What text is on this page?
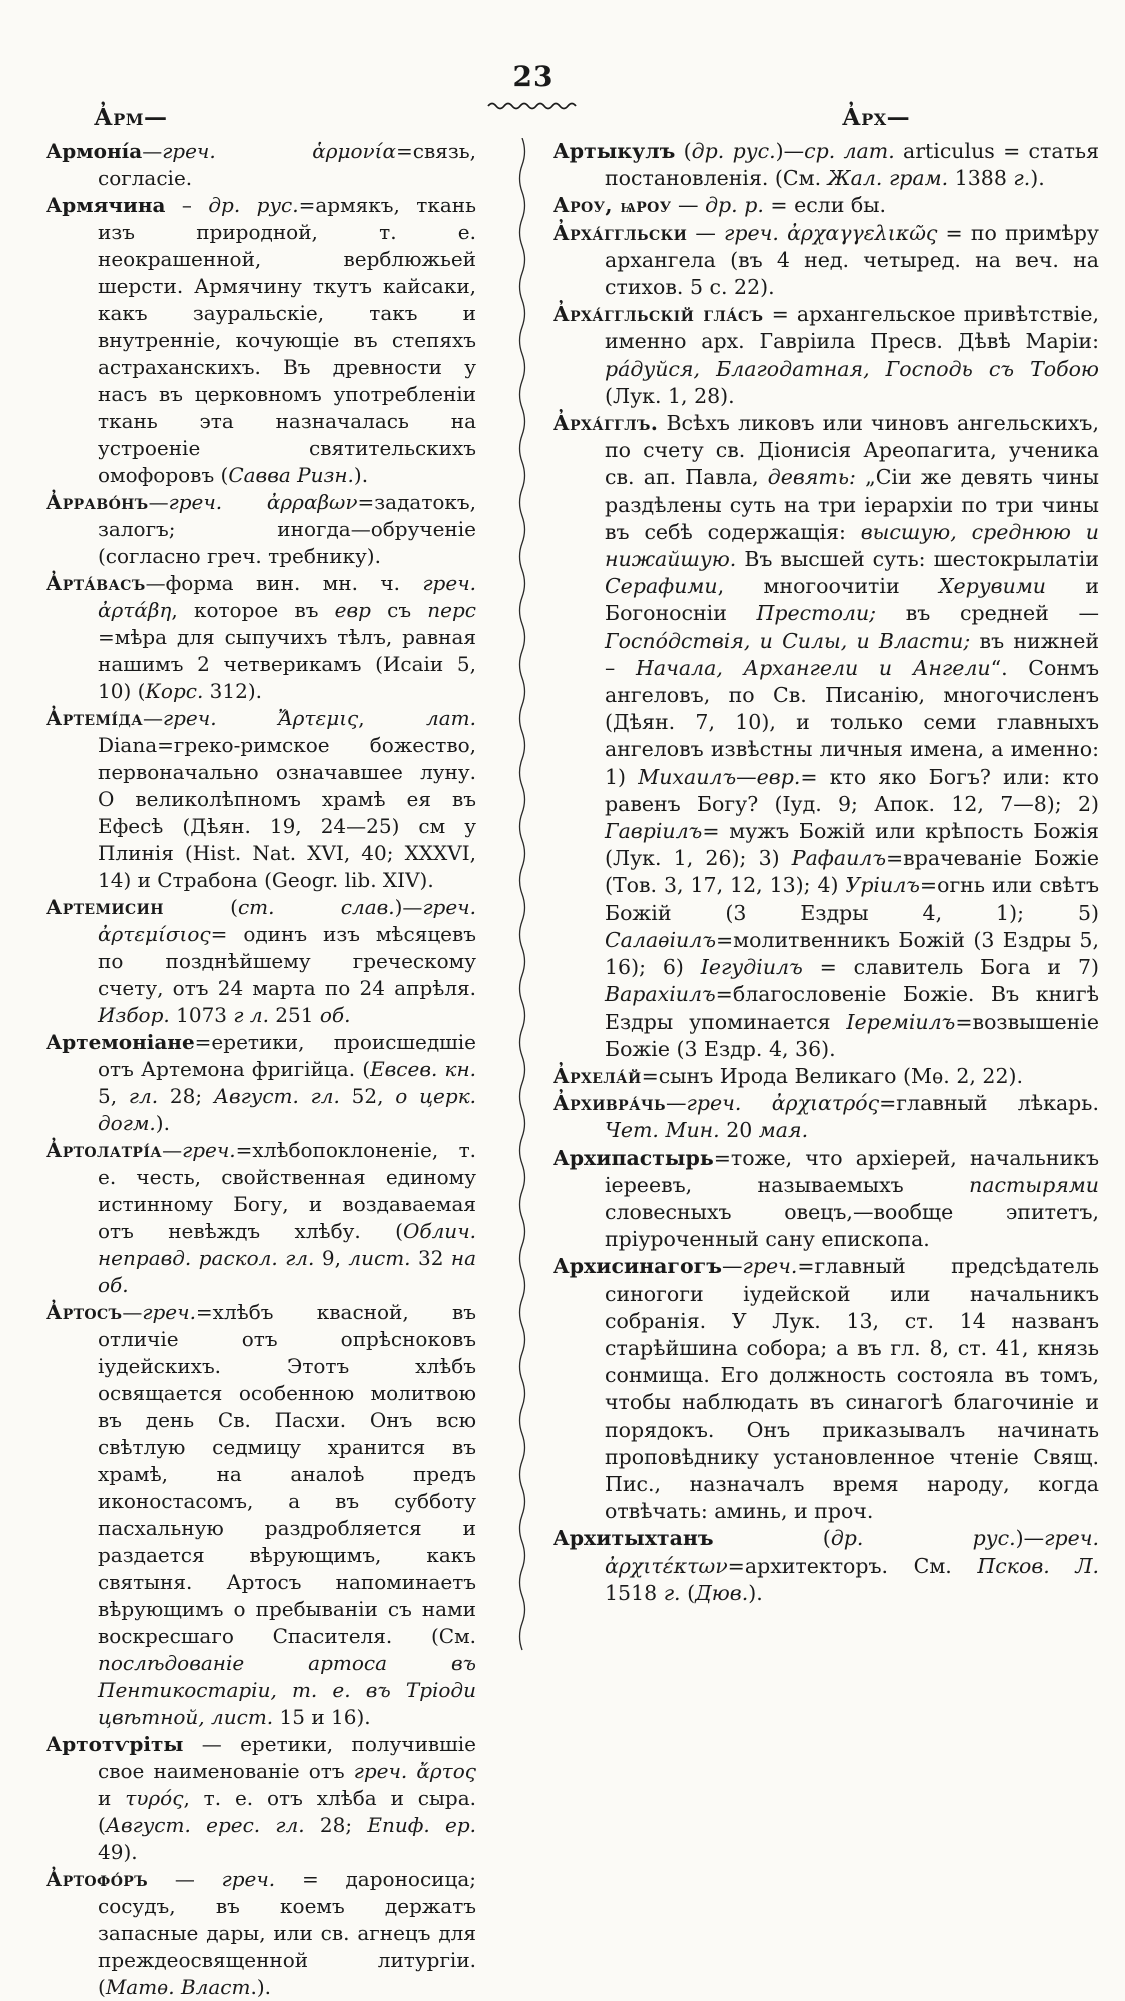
23
А̓рм—	А̓рх—

Армоні́а—греч.	ἁρμονία=связь, согласіе.

Армячина – др. рус.=армякъ, ткань изъ природной, т. е. неокрашенной, верблюжьей шерсти. Армячину ткутъ кайсаки, какъ зауральскіе, такъ и внутренніе, кочующіе въ степяхъ астраханскихъ. Въ древности у насъ въ церковномъ употребленіи ткань эта назначалась на устроеніе святительскихъ омофоровъ (Савва Ризн.).

А̓рраво́нъ—греч. ἀρραβων=задатокъ, залогъ; иногда—обрученіе (согласно греч. требнику).

А̓рта́васъ—форма вин. мн. ч. греч. ἀρτάβη, которое въ евр съ перс =мѣра для сыпучихъ тѣлъ, равная нашимъ 2 четверикамъ (Исаіи 5, 10) (Корс. 312).

А̓ртемі́да—греч.	Ἄρτεμις, лат. Diana=греко-римское божество, первоначально означавшее луну. О великолѣпномъ храмѣ ея въ Ефесѣ (Дѣян. 19, 24—25) см у Плинія (Hist. Nat. XVI, 40; XXXVI, 14) и Страбона (Geogr. lib. XIV).

Артемисин (ст. слав.)—греч. ἀρτεμίσιος= одинъ изъ мѣсяцевъ по позднѣйшему греческому счету, отъ 24 марта по 24 апрѣля. Избор. 1073 г л. 251 об.

Артемоніане=еретики, происшедшіе отъ Артемона фригійца. (Евсев. кн. 5, гл. 28; Август. гл. 52, о церк. догм.).

А̓ртолатрі́а—греч.=хлѣбопоклоненіе, т. е. честь, свойственная единому истинному Богу, и воздаваемая отъ невѣждъ хлѣбу. (Облич. неправд. раскол. гл. 9, лист. 32 на об.

А̓ртосъ—греч.=хлѣбъ квасной, въ отличіе отъ опрѣсноковъ іудейскихъ. Этотъ хлѣбъ освящается особенною молитвою въ день Св. Пасхи. Онъ всю свѣтлую седмицу хранится въ храмѣ, на аналоѣ предъ иконостасомъ, а въ субботу пасхальную раздробляется и раздается вѣрующимъ, какъ святыня. Артосъ напоминаетъ вѣрующимъ о пребываніи съ нами воскресшаго Спасителя. (См. послѣдованіе артоса въ Пентикостаріи, т. е. въ Тріоди цвѣтной, лист. 15 и 16).

Артотѵріты — еретики, получившіе свое наименованіе отъ греч. ἄρτος и τυρός, т. е. отъ хлѣба и сыра. (Август. ерес. гл. 28; Епиф. ер. 49).

А̓ртофо́ръ — греч. = дароносица; сосудъ, въ коемъ держатъ запасные дары, или св. агнецъ для преждеосвященной литургіи. (Матѳ. Власт.).

Артыкулъ (др. рус.)—ср. лат. articulus = статья постановленія. (См. Жал. грам. 1388 г.).

Ароу, ѩроу — др. р. = если бы.

А̓рха́ггльски — греч. ἀρχαγγελικῶς = по примѣру архангела (въ 4 нед. четыред. на веч. на стихов. 5 с. 22).

А̓рха́ггльскій гла́съ = архангельское привѣтствіе, именно арх. Гавріила Пресв. Дѣвѣ Маріи: ра́дуйся, Благодатная, Господь съ Тобою (Лук. 1, 28).

А̓рха́гглъ. Всѣхъ ликовъ или чиновъ ангельскихъ, по счету св. Діонисія Ареопагита, ученика св. ап. Павла, девять: „Сіи же девять чины раздѣлены суть на три іерархіи по три чины въ себѣ содержащія: высшую, среднюю и нижайшую. Въ высшей суть: шестокрылатіи Серафими, многоочитіи Херувими и Богоносніи Престоли; въ средней — Госпо́дствія, и Силы, и Власти; въ нижней – Начала, Архангели и Ангели“. Сонмъ ангеловъ, по Св. Писанію, многочисленъ (Дѣян. 7, 10), и только семи главныхъ ангеловъ извѣстны личныя имена, а именно: 1) Михаилъ—евр.= кто яко Богъ? или: кто равенъ Богу? (Іуд. 9; Апок. 12, 7—8); 2) Гавріилъ= мужъ Божій или крѣпость Божія (Лук. 1, 26); 3) Рафаилъ=врачеваніе Божіе (Тов. 3, 17, 12, 13); 4) Уріилъ=огнь или свѣтъ Божій (3 Ездры 4, 1); 5) Салаѳіилъ=молитвенникъ Божій (3 Ездры 5, 16); 6) Іегудіилъ = славитель Бога и 7) Варахіилъ=благословеніе Божіе. Въ книгѣ Ездры упоминается Іереміилъ=возвышеніе Божіе (3 Ездр. 4, 36).

А̓рхела́й=сынъ Ирода Великаго (Мѳ. 2, 22).

А̓рхивра́чь—греч. ἀρχιατρός=главный лѣкарь. Чет. Мин. 20 мая.

Архипастырь=тоже, что архіерей, начальникъ іереевъ, называемыхъ пастырями словесныхъ овецъ,—вообще эпитетъ, пріуроченный сану епископа.

Архисинагогъ—греч.=главный предсѣдатель синогоги іудейской или начальникъ собранія. У Лук. 13, ст. 14 названъ старѣйшина собора; а въ гл. 8, ст. 41, князь сонмища. Его должность состояла въ томъ, чтобы наблюдать въ синагогѣ благочиніе и порядокъ. Онъ приказывалъ начинать проповѣднику установленное чтеніе Свящ. Пис., назначалъ время народу, когда отвѣчать: аминь, и проч.

Архитыхтанъ (др. рус.)—греч. ἀρχιτέκτων=архитекторъ. См. Псков. Л. 1518 г. (Дюв.).
